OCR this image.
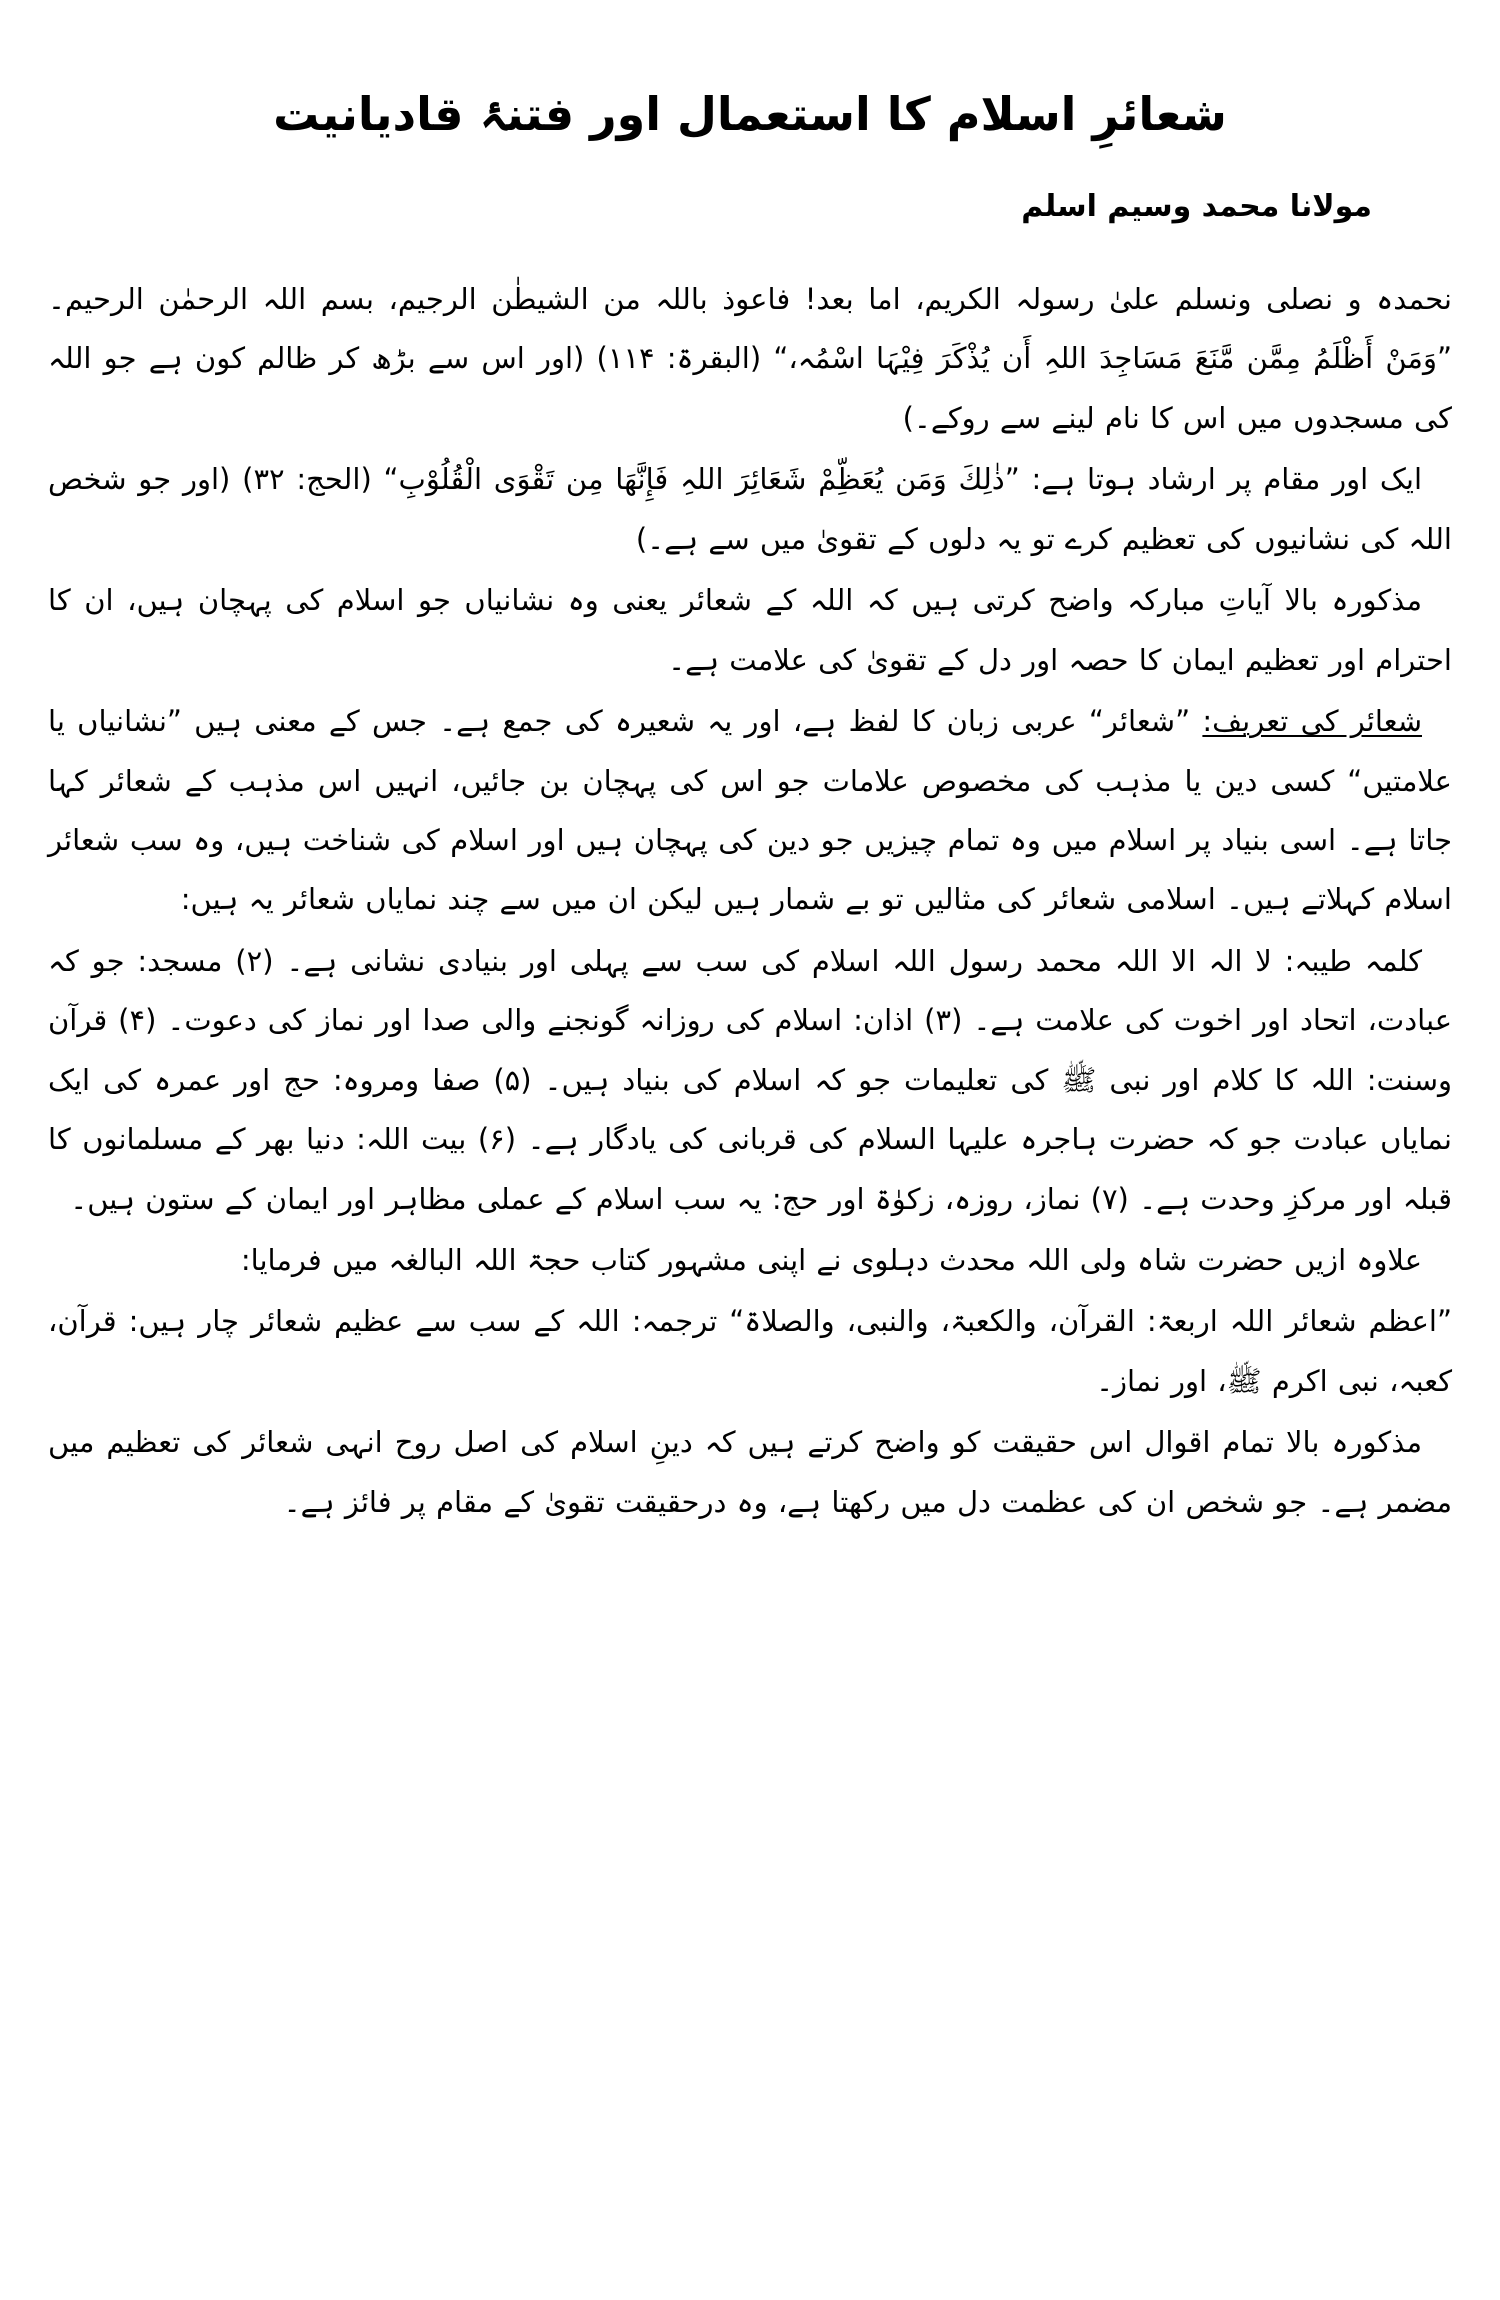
شعائرِ اسلام کا استعمال اور فتنۂ قادیانیت
مولانا محمد وسیم اسلم

نحمدہ و نصلی ونسلم علیٰ رسولہ الکریم، اما بعد! فاعوذ باللہ من الشیطٰن الرجیم، بسم اللہ الرحمٰن الرحیم۔ ”وَمَنْ أَظْلَمُ مِمَّن مَّنَعَ مَسَاجِدَ اللہِ أَن یُذْکَرَ فِیْہَا اسْمُہ،“ (البقرۃ: ۱۱۴) (اور اس سے بڑھ کر ظالم کون ہے جو اللہ کی مسجدوں میں اس کا نام لینے سے روکے۔)

ایک اور مقام پر ارشاد ہوتا ہے: ”ذٰلِكَ وَمَن یُعَظِّمْ شَعَائِرَ اللہِ فَإِنَّھَا مِن تَقْوَى الْقُلُوْبِ“ (الحج: ۳۲) (اور جو شخص اللہ کی نشانیوں کی تعظیم کرے تو یہ دلوں کے تقویٰ میں سے ہے۔)

مذکورہ بالا آیاتِ مبارکہ واضح کرتی ہیں کہ اللہ کے شعائر یعنی وہ نشانیاں جو اسلام کی پہچان ہیں، ان کا احترام اور تعظیم ایمان کا حصہ اور دل کے تقویٰ کی علامت ہے۔

شعائر کی تعریف: ”شعائر“ عربی زبان کا لفظ ہے، اور یہ شعیرہ کی جمع ہے۔ جس کے معنی ہیں ”نشانیاں یا علامتیں“ کسی دین یا مذہب کی مخصوص علامات جو اس کی پہچان بن جائیں، انہیں اس مذہب کے شعائر کہا جاتا ہے۔ اسی بنیاد پر اسلام میں وہ تمام چیزیں جو دین کی پہچان ہیں اور اسلام کی شناخت ہیں، وہ سب شعائر اسلام کہلاتے ہیں۔ اسلامی شعائر کی مثالیں تو بے شمار ہیں لیکن ان میں سے چند نمایاں شعائر یہ ہیں:

کلمہ طیبہ: لا الہ الا اللہ محمد رسول اللہ اسلام کی سب سے پہلی اور بنیادی نشانی ہے۔ (۲) مسجد: جو کہ عبادت، اتحاد اور اخوت کی علامت ہے۔ (۳) اذان: اسلام کی روزانہ گونجنے والی صدا اور نماز کی دعوت۔ (۴) قرآن وسنت: اللہ کا کلام اور نبی ﷺ کی تعلیمات جو کہ اسلام کی بنیاد ہیں۔ (۵) صفا ومروہ: حج اور عمرہ کی ایک نمایاں عبادت جو کہ حضرت ہاجرہ علیہا السلام کی قربانی کی یادگار ہے۔ (۶) بیت اللہ: دنیا بھر کے مسلمانوں کا قبلہ اور مرکزِ وحدت ہے۔ (۷) نماز، روزہ، زکوٰۃ اور حج: یہ سب اسلام کے عملی مظاہر اور ایمان کے ستون ہیں۔

علاوہ ازیں حضرت شاہ ولی اللہ محدث دہلوی نے اپنی مشہور کتاب حجۃ اللہ البالغہ میں فرمایا:

”اعظم شعائر اللہ اربعۃ: القرآن، والکعبۃ، والنبی، والصلاۃ“ ترجمہ: اللہ کے سب سے عظیم شعائر چار ہیں: قرآن، کعبہ، نبی اکرم ﷺ، اور نماز۔

مذکورہ بالا تمام اقوال اس حقیقت کو واضح کرتے ہیں کہ دینِ اسلام کی اصل روح انہی شعائر کی تعظیم میں مضمر ہے۔ جو شخص ان کی عظمت دل میں رکھتا ہے، وہ درحقیقت تقویٰ کے مقام پر فائز ہے۔
